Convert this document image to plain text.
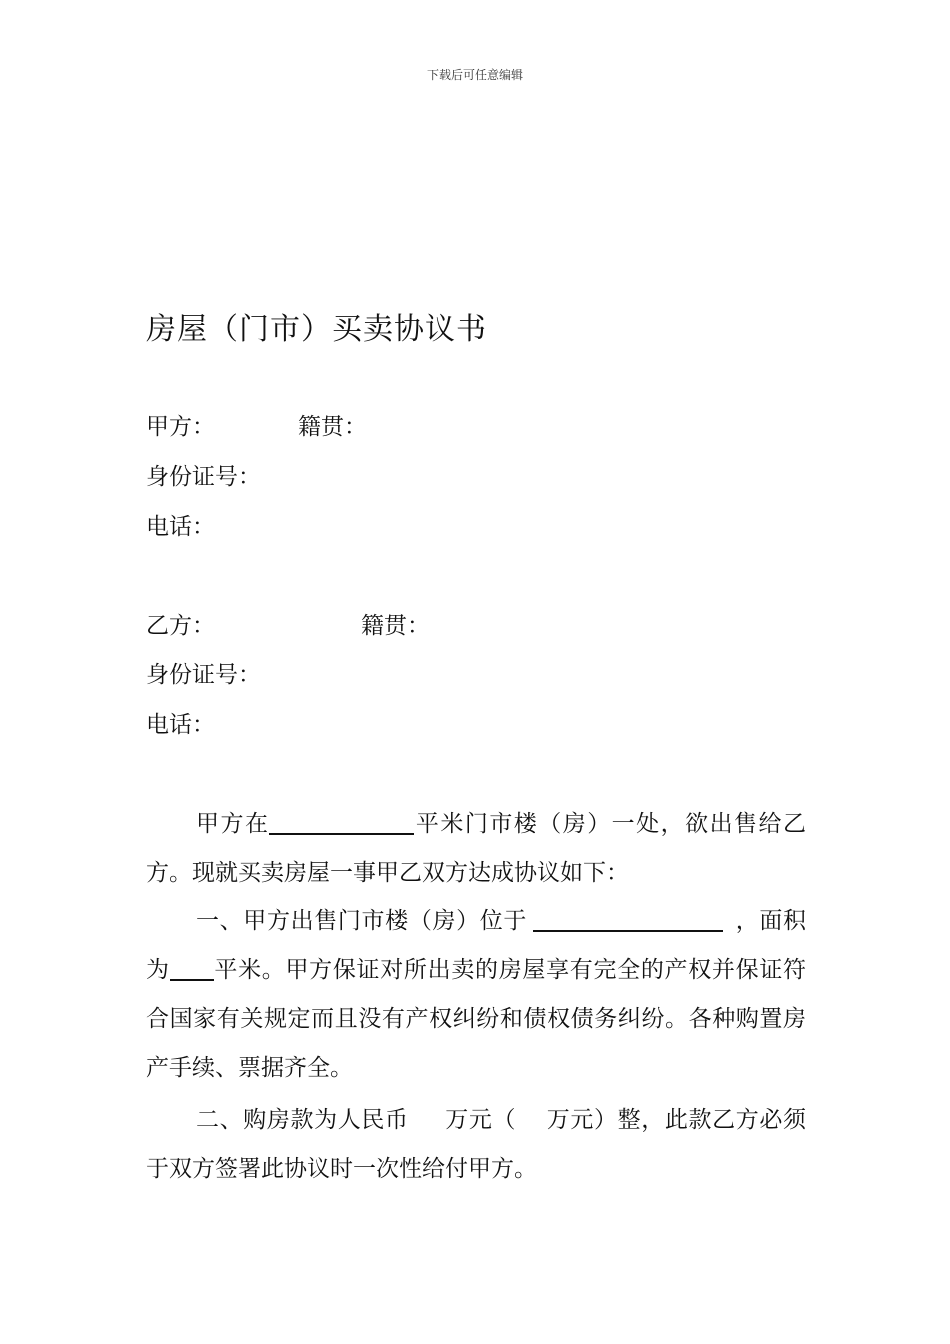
下载后可任意编辑
房屋（门市）买卖协议书
甲方：	籍贯：
身份证号：
电话：
乙方：	籍贯：
身份证号：
电话：
甲方在	平米门市楼（房）一处，欲出售给乙方。现就买卖房屋一事甲乙双方达成协议如下：
一、甲方出售门市楼（房）位于	，面积为 平米。甲方保证对所出卖的房屋享有完全的产权并保证符合国家有关规定而且没有产权纠纷和债权债务纠纷。各种购置房产手续、票据齐全。
二、购房款为人民币 万元（ 万元）整，此款乙方必须于双方签署此协议时一次性给付甲方。
